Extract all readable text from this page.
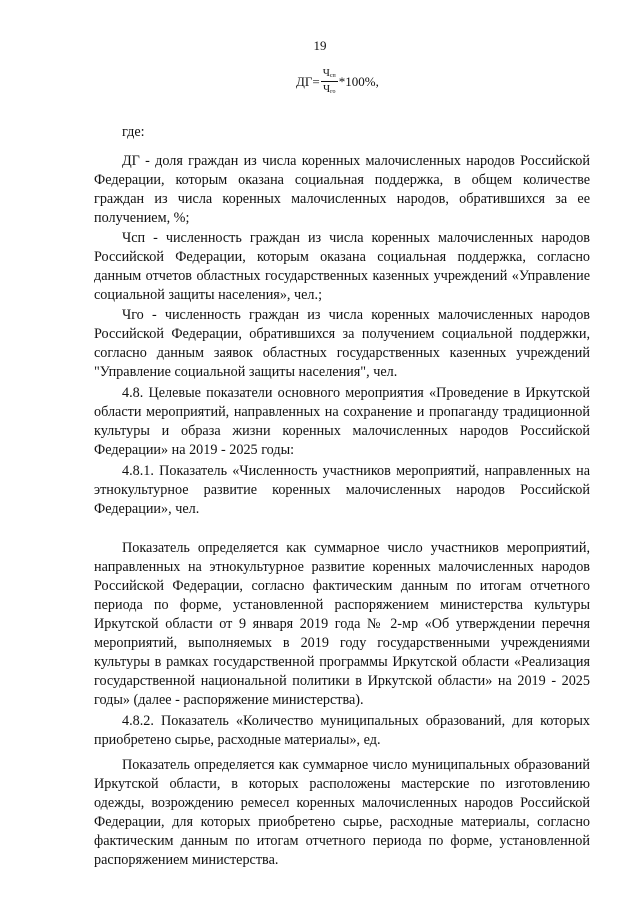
19
$ДГ= \frac{Ч_{сп}}{Ч_{го}} *100\%$,

где:

ДГ - доля граждан из числа коренных малочисленных народов Российской Федерации, которым оказана социальная поддержка, в общем количестве граждан из числа коренных малочисленных народов, обратившихся за ее получением, %;

Чсп - численность граждан из числа коренных малочисленных народов Российской Федерации, которым оказана социальная поддержка, согласно данным отчетов областных государственных казенных учреждений «Управление социальной защиты населения», чел.;

Чго - численность граждан из числа коренных малочисленных народов Российской Федерации, обратившихся за получением социальной поддержки, согласно данным заявок областных государственных казенных учреждений "Управление социальной защиты населения", чел.

4.8. Целевые показатели основного мероприятия «Проведение в Иркутской области мероприятий, направленных на сохранение и пропаганду традиционной культуры и образа жизни коренных малочисленных народов Российской Федерации» на 2019 - 2025 годы:

4.8.1. Показатель «Численность участников мероприятий, направленных на этнокультурное развитие коренных малочисленных народов Российской Федерации», чел.

Показатель определяется как суммарное число участников мероприятий, направленных на этнокультурное развитие коренных малочисленных народов Российской Федерации, согласно фактическим данным по итогам отчетного периода по форме, установленной распоряжением министерства культуры Иркутской области от 9 января 2019 года № 2-мр «Об утверждении перечня мероприятий, выполняемых в 2019 году государственными учреждениями культуры в рамках государственной программы Иркутской области «Реализация государственной национальной политики в Иркутской области» на 2019 - 2025 годы» (далее - распоряжение министерства).

4.8.2. Показатель «Количество муниципальных образований, для которых приобретено сырье, расходные материалы», ед.

Показатель определяется как суммарное число муниципальных образований Иркутской области, в которых расположены мастерские по изготовлению одежды, возрождению ремесел коренных малочисленных народов Российской Федерации, для которых приобретено сырье, расходные материалы, согласно фактическим данным по итогам отчетного периода по форме, установленной распоряжением министерства.
